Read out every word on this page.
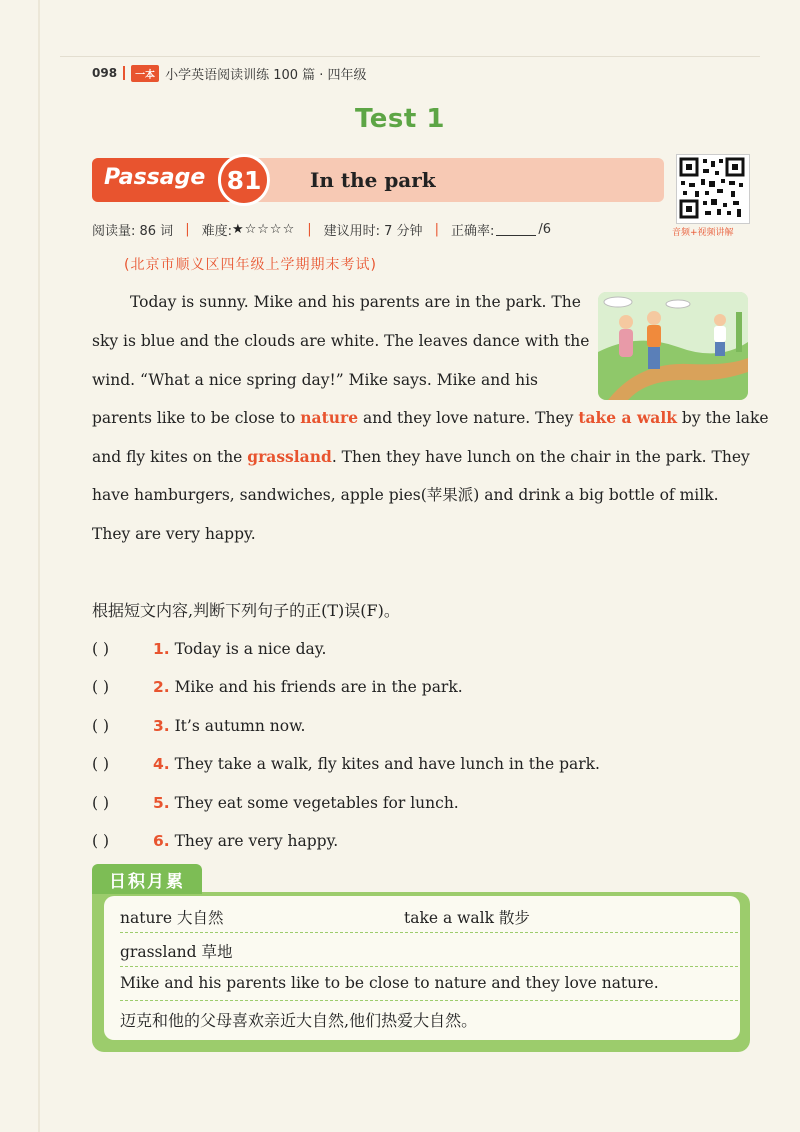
098	一本 小学英语阅读训练 100 篇 · 四年级
Test 1
Passage 81	In the park
音频+视频讲解
阅读量: 86 词 | 难度: ★☆☆☆☆ | 建议用时: 7 分钟 | 正确率:	/6
(北京市顺义区四年级上学期期末考试)
Today is sunny. Mike and his parents are in the park. The
sky is blue and the clouds are white. The leaves dance with the
wind. “What a nice spring day!” Mike says. Mike and his
parents like to be close to nature and they love nature. They take a walk by the lake
and fly kites on the grassland. Then they have lunch on the chair in the park. They
have hamburgers, sandwiches, apple pies(苹果派) and drink a big bottle of milk.
They are very happy.
根据短文内容,判断下列句子的正(T)误(F)。
( )	1. Today is a nice day.
( )	2. Mike and his friends are in the park.
( )	3. It’s autumn now.
( )	4. They take a walk, fly kites and have lunch in the park.
( )	5. They eat some vegetables for lunch.
( )	6. They are very happy.
日积月累
nature 大自然	take a walk 散步
grassland 草地
Mike and his parents like to be close to nature and they love nature.
迈克和他的父母喜欢亲近大自然,他们热爱大自然。
